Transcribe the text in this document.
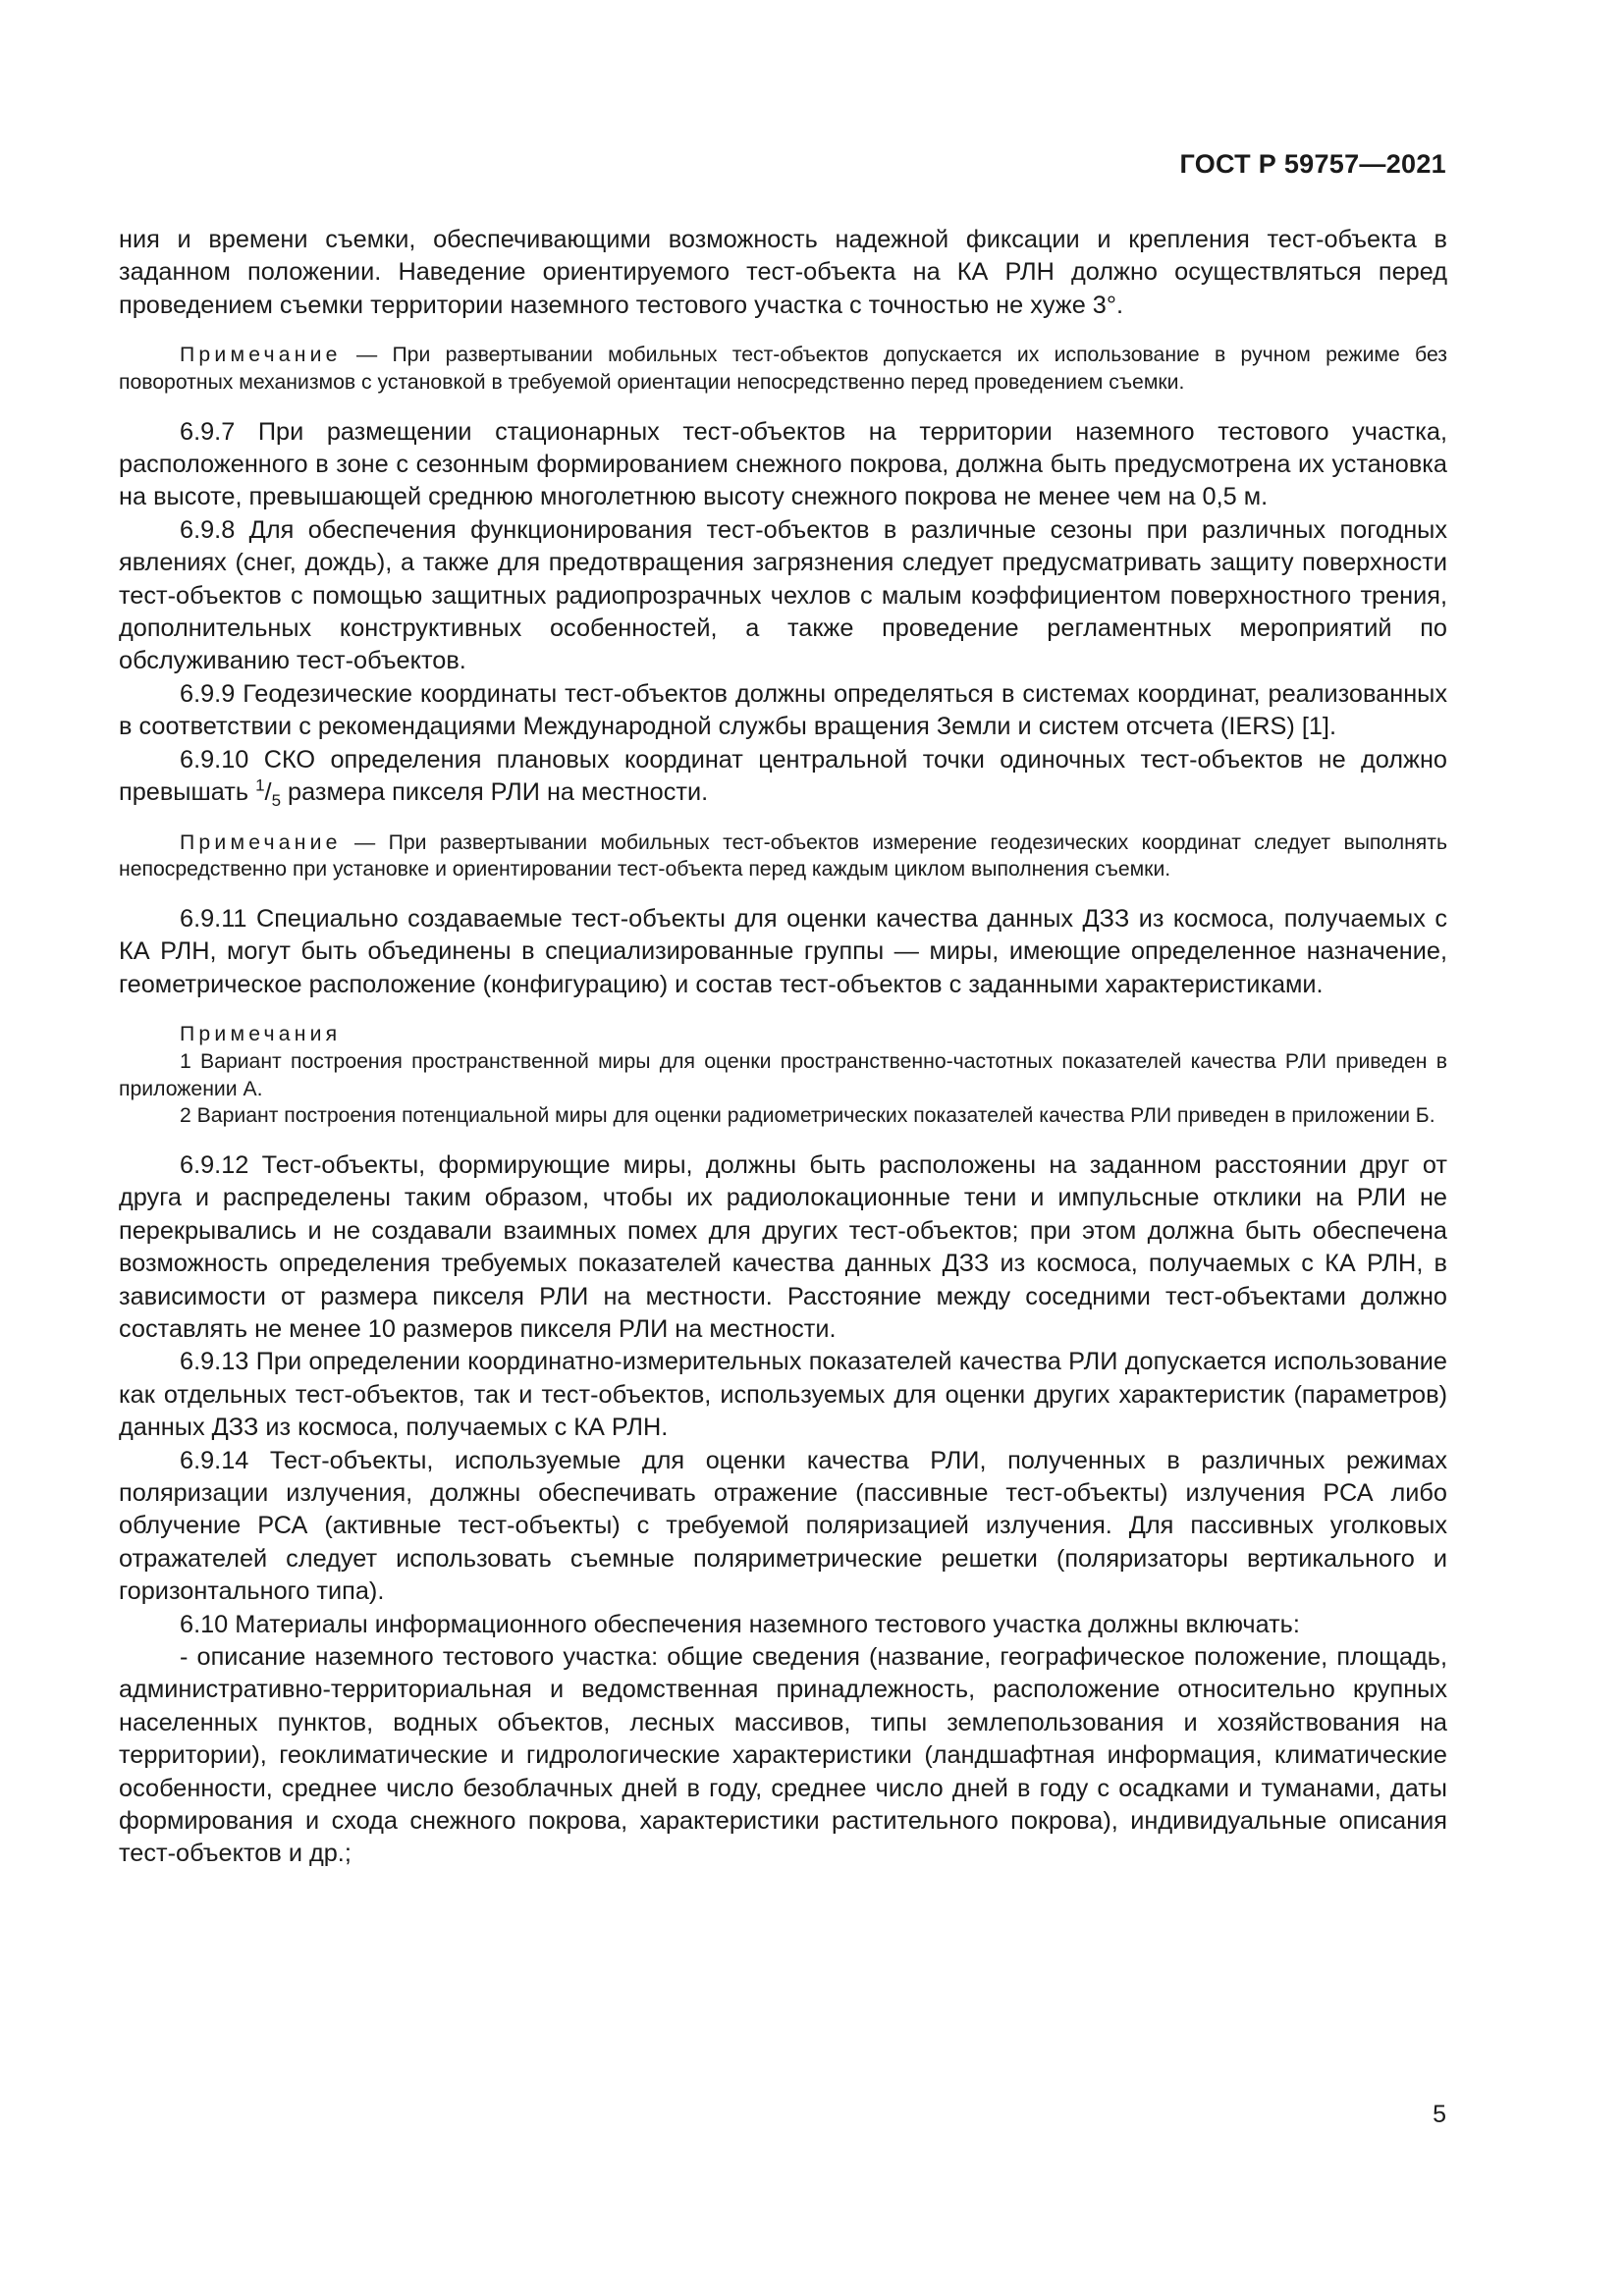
ГОСТ Р 59757—2021

ния и времени съемки, обеспечивающими возможность надежной фиксации и крепления тест-объекта в заданном положении. Наведение ориентируемого тест-объекта на КА РЛН должно осуществляться перед проведением съемки территории наземного тестового участка с точностью не хуже 3°.

Примечание — При развертывании мобильных тест-объектов допускается их использование в ручном режиме без поворотных механизмов с установкой в требуемой ориентации непосредственно перед проведением съемки.

6.9.7 При размещении стационарных тест-объектов на территории наземного тестового участка, расположенного в зоне с сезонным формированием снежного покрова, должна быть предусмотрена их установка на высоте, превышающей среднюю многолетнюю высоту снежного покрова не менее чем на 0,5 м.

6.9.8 Для обеспечения функционирования тест-объектов в различные сезоны при различных погодных явлениях (снег, дождь), а также для предотвращения загрязнения следует предусматривать защиту поверхности тест-объектов с помощью защитных радиопрозрачных чехлов с малым коэффициентом поверхностного трения, дополнительных конструктивных особенностей, а также проведение регламентных мероприятий по обслуживанию тест-объектов.

6.9.9 Геодезические координаты тест-объектов должны определяться в системах координат, реализованных в соответствии с рекомендациями Международной службы вращения Земли и систем отсчета (IERS) [1].

6.9.10 СКО определения плановых координат центральной точки одиночных тест-объектов не должно превышать $^1/_5$ размера пикселя РЛИ на местности.

Примечание — При развертывании мобильных тест-объектов измерение геодезических координат следует выполнять непосредственно при установке и ориентировании тест-объекта перед каждым циклом выполнения съемки.

6.9.11 Специально создаваемые тест-объекты для оценки качества данных ДЗЗ из космоса, получаемых с КА РЛН, могут быть объединены в специализированные группы — миры, имеющие определенное назначение, геометрическое расположение (конфигурацию) и состав тест-объектов с заданными характеристиками.

Примечания

1 Вариант построения пространственной миры для оценки пространственно-частотных показателей качества РЛИ приведен в приложении А.

2 Вариант построения потенциальной миры для оценки радиометрических показателей качества РЛИ приведен в приложении Б.

6.9.12 Тест-объекты, формирующие миры, должны быть расположены на заданном расстоянии друг от друга и распределены таким образом, чтобы их радиолокационные тени и импульсные отклики на РЛИ не перекрывались и не создавали взаимных помех для других тест-объектов; при этом должна быть обеспечена возможность определения требуемых показателей качества данных ДЗЗ из космоса, получаемых с КА РЛН, в зависимости от размера пикселя РЛИ на местности. Расстояние между соседними тест-объектами должно составлять не менее 10 размеров пикселя РЛИ на местности.

6.9.13 При определении координатно-измерительных показателей качества РЛИ допускается использование как отдельных тест-объектов, так и тест-объектов, используемых для оценки других характеристик (параметров) данных ДЗЗ из космоса, получаемых с КА РЛН.

6.9.14 Тест-объекты, используемые для оценки качества РЛИ, полученных в различных режимах поляризации излучения, должны обеспечивать отражение (пассивные тест-объекты) излучения РСА либо облучение РСА (активные тест-объекты) с требуемой поляризацией излучения. Для пассивных уголковых отражателей следует использовать съемные поляриметрические решетки (поляризаторы вертикального и горизонтального типа).

6.10 Материалы информационного обеспечения наземного тестового участка должны включать:

- описание наземного тестового участка: общие сведения (название, географическое положение, площадь, административно-территориальная и ведомственная принадлежность, расположение относительно крупных населенных пунктов, водных объектов, лесных массивов, типы землепользования и хозяйствования на территории), геоклиматические и гидрологические характеристики (ландшафтная информация, климатические особенности, среднее число безоблачных дней в году, среднее число дней в году с осадками и туманами, даты формирования и схода снежного покрова, характеристики растительного покрова), индивидуальные описания тест-объектов и др.;

5
